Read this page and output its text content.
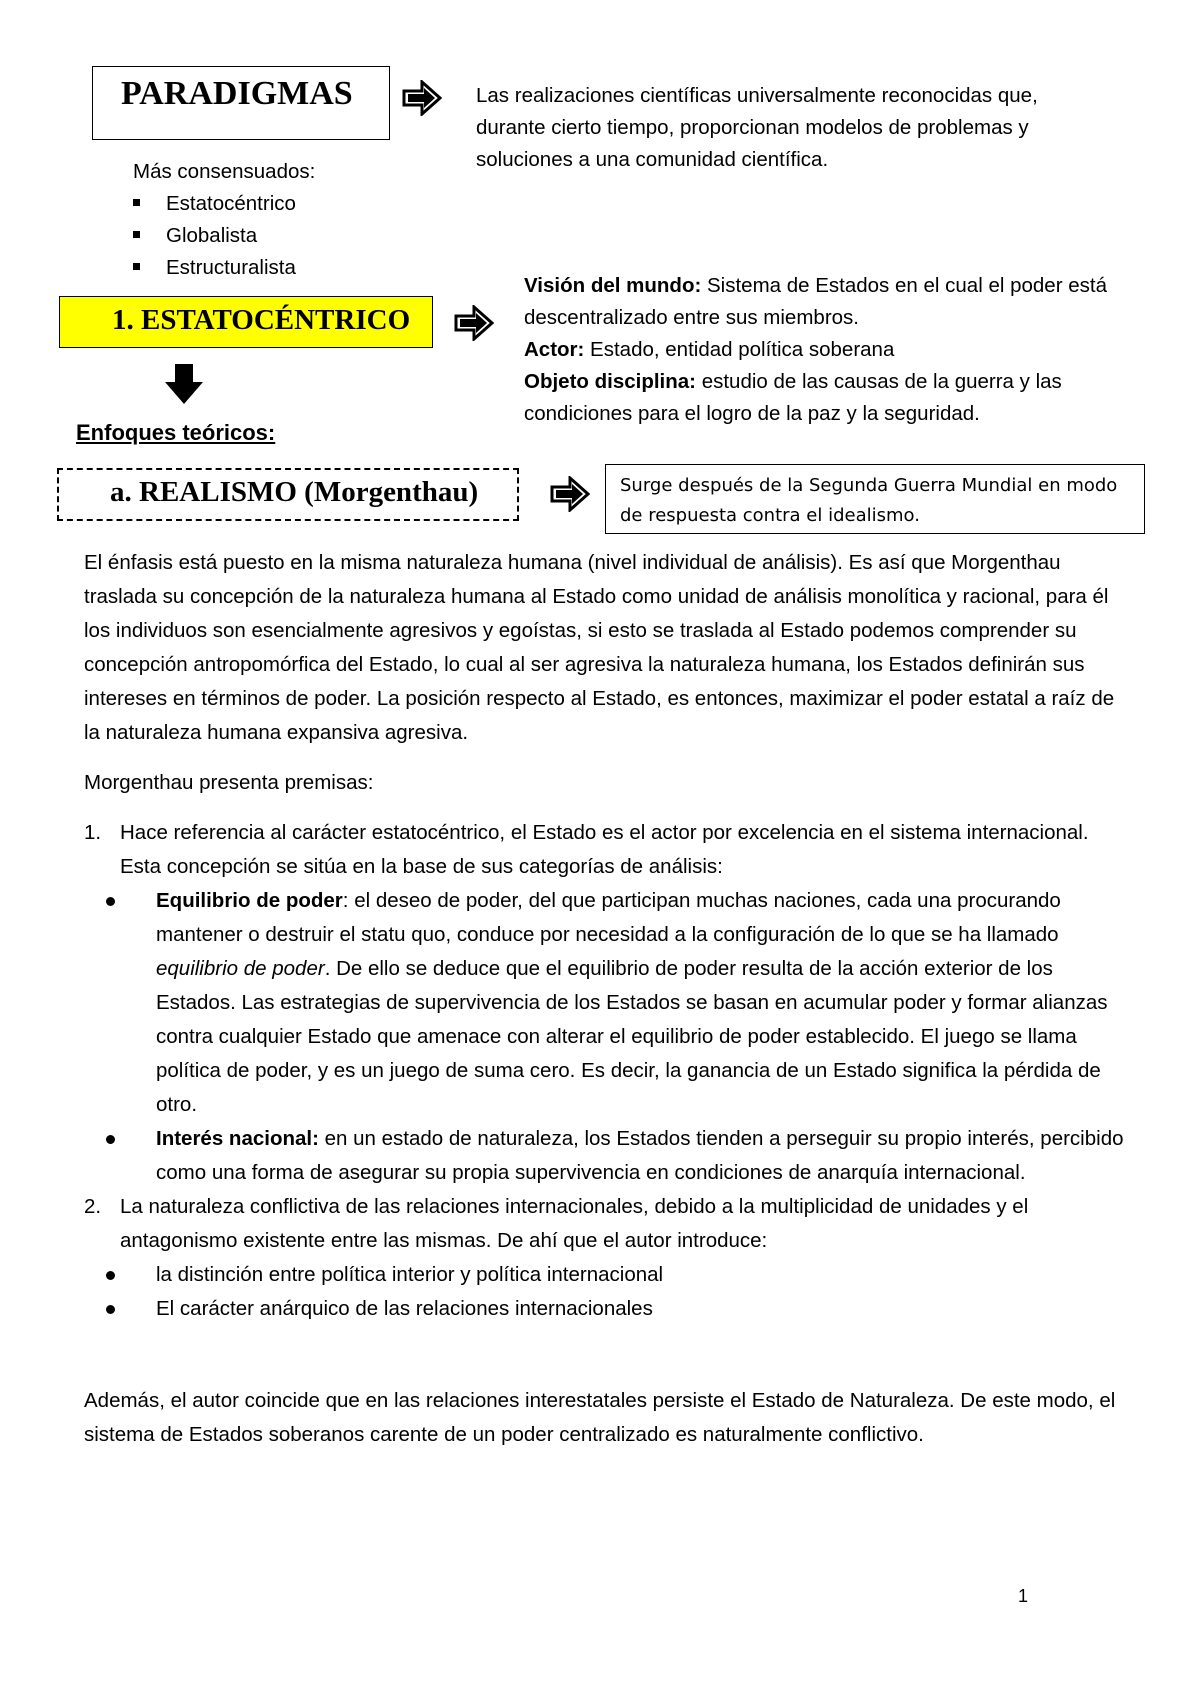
PARADIGMAS	Las realizaciones científicas universalmente reconocidas que,
durante cierto tiempo, proporcionan modelos de problemas y
soluciones a una comunidad científica.
Más consensuados:
Estatocéntrico
Globalista
Estructuralista
1. ESTATOCÉNTRICO
Visión del mundo: Sistema de Estados en el cual el poder está
descentralizado entre sus miembros.
Actor: Estado, entidad política soberana
Objeto disciplina: estudio de las causas de la guerra y las
condiciones para el logro de la paz y la seguridad.
Enfoques teóricos:
a. REALISMO (Morgenthau)	Surge después de la Segunda Guerra Mundial en modo
de respuesta contra el idealismo.
El énfasis está puesto en la misma naturaleza humana (nivel individual de análisis). Es así que Morgenthau traslada su concepción de la naturaleza humana al Estado como unidad de análisis monolítica y racional, para él los individuos son esencialmente agresivos y egoístas, si esto se traslada al Estado podemos comprender su concepción antropomórfica del Estado, lo cual al ser agresiva la naturaleza humana, los Estados definirán sus intereses en términos de poder. La posición respecto al Estado, es entonces, maximizar el poder estatal a raíz de la naturaleza humana expansiva agresiva.
Morgenthau presenta premisas:
1. Hace referencia al carácter estatocéntrico, el Estado es el actor por excelencia en el sistema internacional. Esta concepción se sitúa en la base de sus categorías de análisis:
Equilibrio de poder: el deseo de poder, del que participan muchas naciones, cada una procurando mantener o destruir el statu quo, conduce por necesidad a la configuración de lo que se ha llamado equilibrio de poder. De ello se deduce que el equilibrio de poder resulta de la acción exterior de los Estados. Las estrategias de supervivencia de los Estados se basan en acumular poder y formar alianzas contra cualquier Estado que amenace con alterar el equilibrio de poder establecido. El juego se llama política de poder, y es un juego de suma cero. Es decir, la ganancia de un Estado significa la pérdida de otro.
Interés nacional: en un estado de naturaleza, los Estados tienden a perseguir su propio interés, percibido como una forma de asegurar su propia supervivencia en condiciones de anarquía internacional.
2. La naturaleza conflictiva de las relaciones internacionales, debido a la multiplicidad de unidades y el antagonismo existente entre las mismas. De ahí que el autor introduce:
la distinción entre política interior y política internacional
El carácter anárquico de las relaciones internacionales
Además, el autor coincide que en las relaciones interestatales persiste el Estado de Naturaleza. De este modo, el sistema de Estados soberanos carente de un poder centralizado es naturalmente conflictivo.
1
